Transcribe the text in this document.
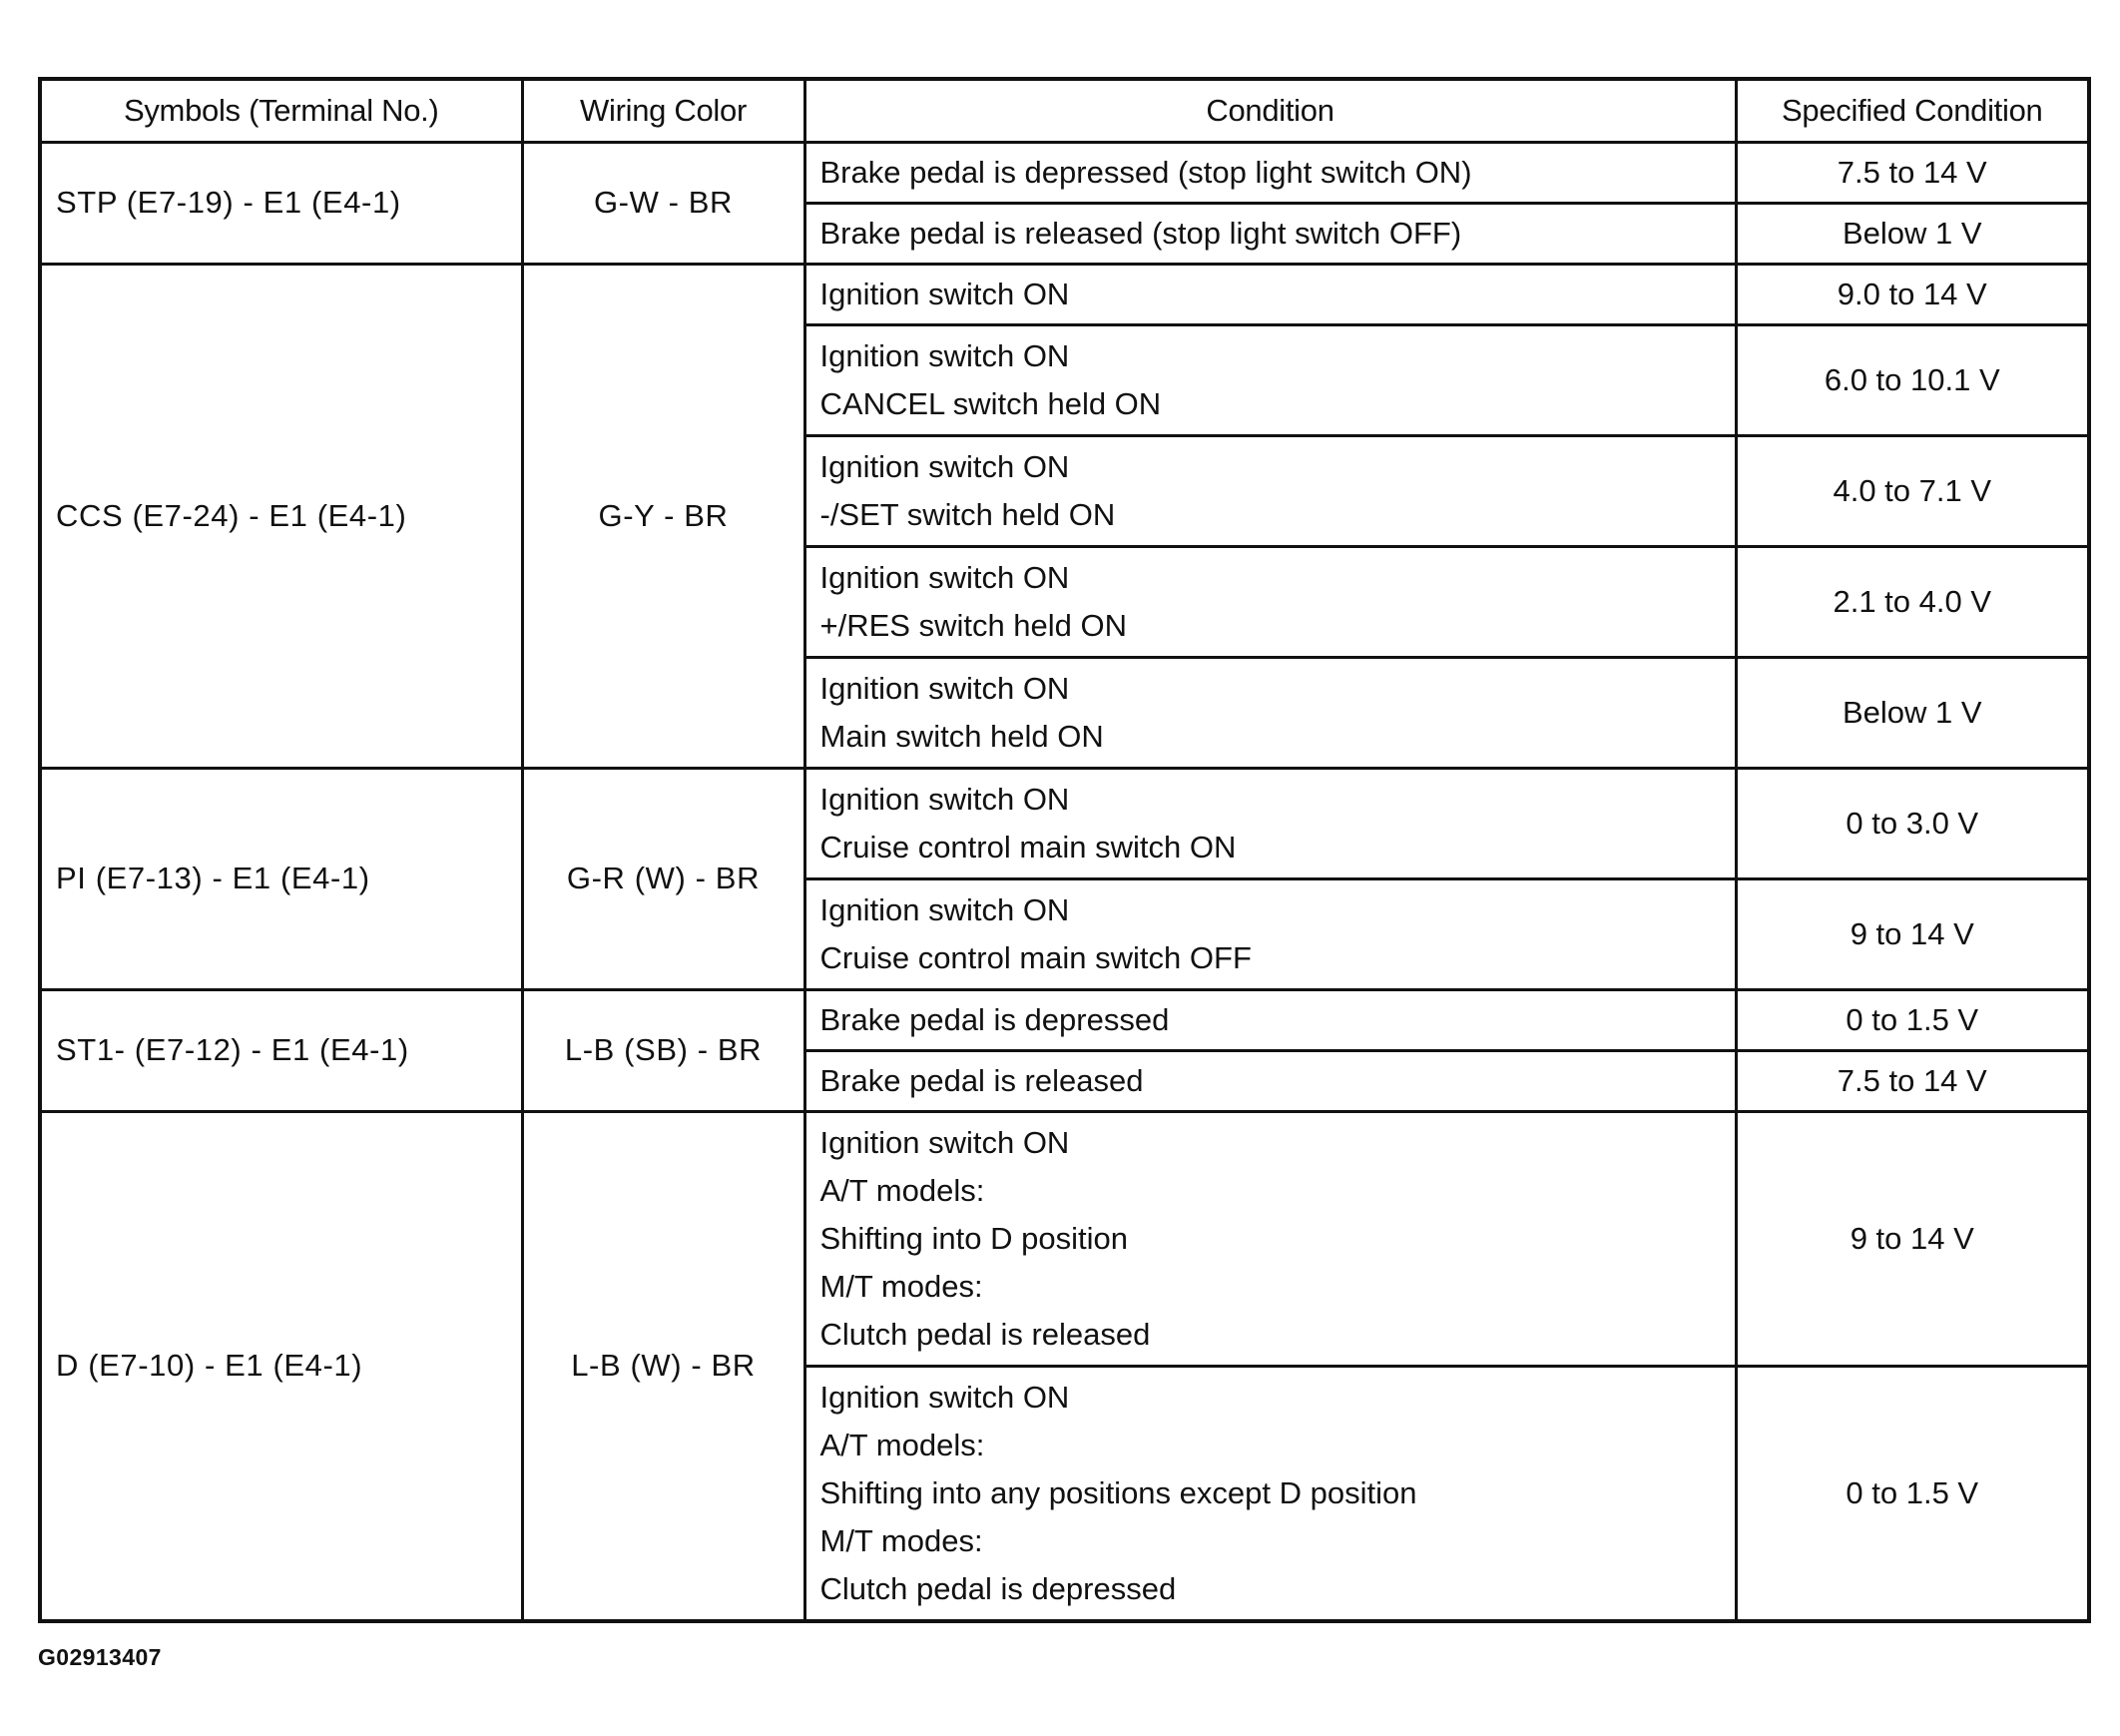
Symbols (Terminal No.)	Wiring Color	Condition	Specified Condition
STP (E7-19) - E1 (E4-1)	G-W - BR	Brake pedal is depressed (stop light switch ON)	7.5 to 14 V

		Brake pedal is released (stop light switch OFF)	Below 1 V
CCS (E7-24) - E1 (E4-1)	G-Y - BR	Ignition switch ON	9.0 to 14 V

		Ignition switch ON
CANCEL switch held ON	6.0 to 10.1 V

		Ignition switch ON
-/SET switch held ON	4.0 to 7.1 V

		Ignition switch ON
+/RES switch held ON	2.1 to 4.0 V

		Ignition switch ON
Main switch held ON	Below 1 V
PI (E7-13) - E1 (E4-1)	G-R (W) - BR	Ignition switch ON
Cruise control main switch ON	0 to 3.0 V

		Ignition switch ON
Cruise control main switch OFF	9 to 14 V
ST1- (E7-12) - E1 (E4-1)	L-B (SB) - BR	Brake pedal is depressed	0 to 1.5 V

		Brake pedal is released	7.5 to 14 V
D (E7-10) - E1 (E4-1)	L-B (W) - BR	Ignition switch ON
A/T models:
Shifting into D position
M/T modes:
Clutch pedal is released	9 to 14 V

		Ignition switch ON
A/T models:
Shifting into any positions except D position
M/T modes:
Clutch pedal is depressed	0 to 1.5 V
G02913407
